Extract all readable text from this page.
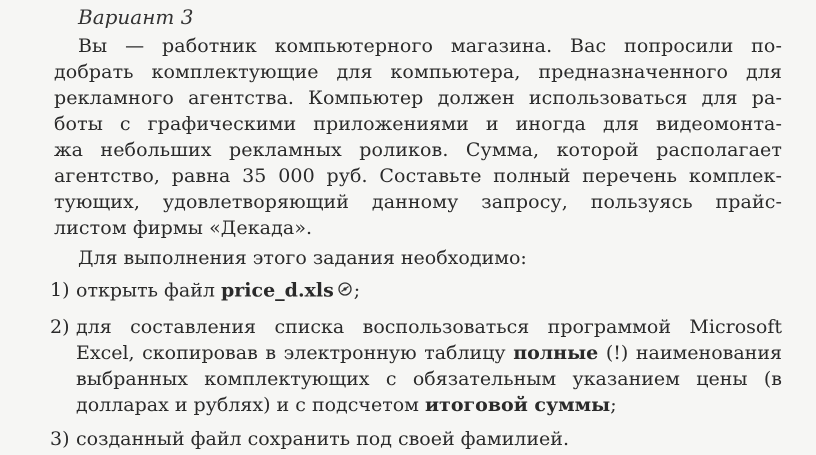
Вариант 3
Вы — работник компьютерного магазина. Вас попросили по-
добрать комплектующие для компьютера, предназначенного для
рекламного агентства. Компьютер должен использоваться для ра-
боты с графическими приложениями и иногда для видеомонта-
жа небольших рекламных роликов. Сумма, которой располагает
агентство, равна 35 000 руб. Составьте полный перечень комплек-
тующих, удовлетворяющий данному запросу, пользуясь прайс-
листом фирмы «Декада».
Для выполнения этого задания необходимо:
1) открыть файл price_d.xls ;
2) для составления списка воспользоваться программой Microsoft Excel, скопировав в электронную таблицу полные (!) наименования выбранных комплектующих с обязательным указанием цены (в долларах и рублях) и с подсчетом итоговой суммы;
3) созданный файл сохранить под своей фамилией.
